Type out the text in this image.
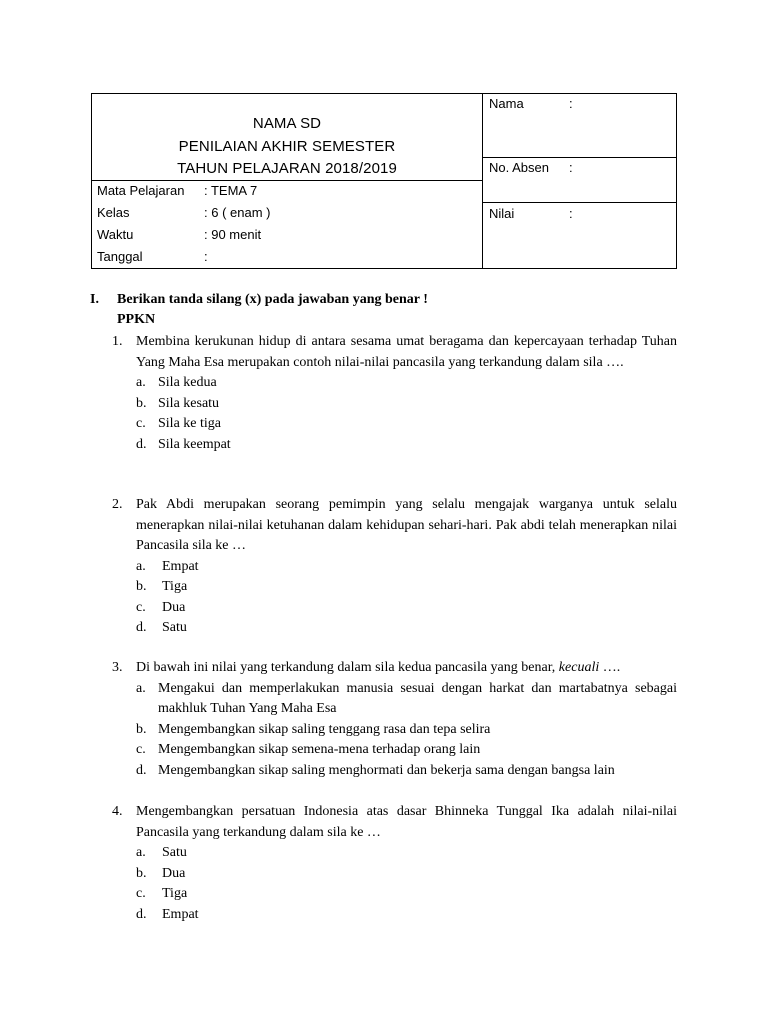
NAMA SD
PENILAIAN AKHIR SEMESTER
TAHUN PELAJARAN 2018/2019
Mata Pelajaran : TEMA 7
Kelas	: 6 ( enam )
Waktu	: 90 menit
Tanggal	:
Nama	:
No. Absen :
Nilai	:
I. Berikan tanda silang (x) pada jawaban yang benar !
PPKN
1. Membina kerukunan hidup di antara sesama umat beragama dan kepercayaan terhadap Tuhan Yang Maha Esa merupakan contoh nilai-nilai pancasila yang terkandung dalam sila ….
a. Sila kedua
b. Sila kesatu
c. Sila ke tiga
d. Sila keempat
2. Pak Abdi merupakan seorang pemimpin yang selalu mengajak warganya untuk selalu menerapkan nilai-nilai ketuhanan dalam kehidupan sehari-hari. Pak abdi telah menerapkan nilai Pancasila sila ke …
a. Empat
b. Tiga
c. Dua
d. Satu
3. Di bawah ini nilai yang terkandung dalam sila kedua pancasila yang benar, kecuali ….
a. Mengakui dan memperlakukan manusia sesuai dengan harkat dan martabatnya sebagai makhluk Tuhan Yang Maha Esa
b. Mengembangkan sikap saling tenggang rasa dan tepa selira
c. Mengembangkan sikap semena-mena terhadap orang lain
d. Mengembangkan sikap saling menghormati dan bekerja sama dengan bangsa lain
4. Mengembangkan persatuan Indonesia atas dasar Bhinneka Tunggal Ika adalah nilai-nilai Pancasila yang terkandung dalam sila ke …
a. Satu
b. Dua
c. Tiga
d. Empat
